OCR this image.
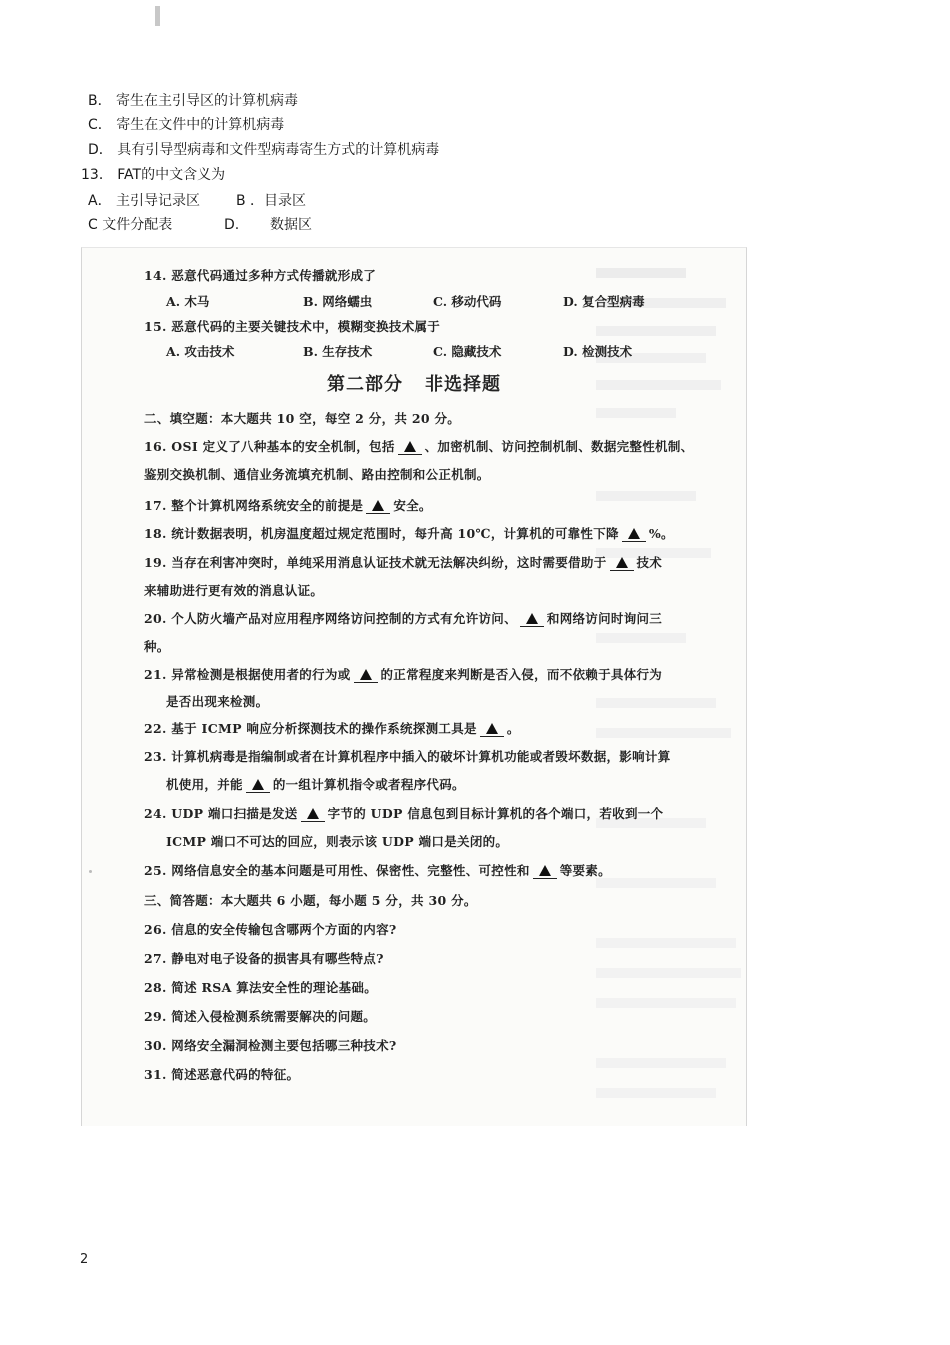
B． 寄生在主引导区的计算机病毒
C． 寄生在文件中的计算机病毒
D． 具有引导型病毒和文件型病毒寄生方式的计算机病毒
13． FAT的中文含义为
A． 主引导记录区	B ．目录区
C 文件分配表	D. 数据区
14. 恶意代码通过多种方式传播就形成了
A. 木马	B. 网络蠕虫	C. 移动代码	D. 复合型病毒
15. 恶意代码的主要关键技术中，模糊变换技术属于
A. 攻击技术	B. 生存技术	C. 隐藏技术	D. 检测技术
第二部分 非选择题
二、填空题：本大题共 10 空，每空 2 分，共 20 分。
16. OSI 定义了八种基本的安全机制，包括 、加密机制、访问控制机制、数据完整性机制、
鉴别交换机制、通信业务流填充机制、路由控制和公正机制。
17. 整个计算机网络系统安全的前提是 安全。
18. 统计数据表明，机房温度超过规定范围时，每升高 10℃，计算机的可靠性下降 %。
19. 当存在利害冲突时，单纯采用消息认证技术就无法解决纠纷，这时需要借助于 技术
来辅助进行更有效的消息认证。
20. 个人防火墙产品对应用程序网络访问控制的方式有允许访问、 和网络访问时询问三
种。
21. 异常检测是根据使用者的行为或 的正常程度来判断是否入侵，而不依赖于具体行为
是否出现来检测。
22. 基于 ICMP 响应分析探测技术的操作系统探测工具是 。
23. 计算机病毒是指编制或者在计算机程序中插入的破坏计算机功能或者毁坏数据，影响计算
机使用，并能 的一组计算机指令或者程序代码。
24. UDP 端口扫描是发送 字节的 UDP 信息包到目标计算机的各个端口，若收到一个
ICMP 端口不可达的回应，则表示该 UDP 端口是关闭的。
25. 网络信息安全的基本问题是可用性、保密性、完整性、可控性和 等要素。
三、简答题：本大题共 6 小题，每小题 5 分，共 30 分。
26. 信息的安全传输包含哪两个方面的内容?
27. 静电对电子设备的损害具有哪些特点?
28. 简述 RSA 算法安全性的理论基础。
29. 简述入侵检测系统需要解决的问题。
30. 网络安全漏洞检测主要包括哪三种技术?
31. 简述恶意代码的特征。
2
